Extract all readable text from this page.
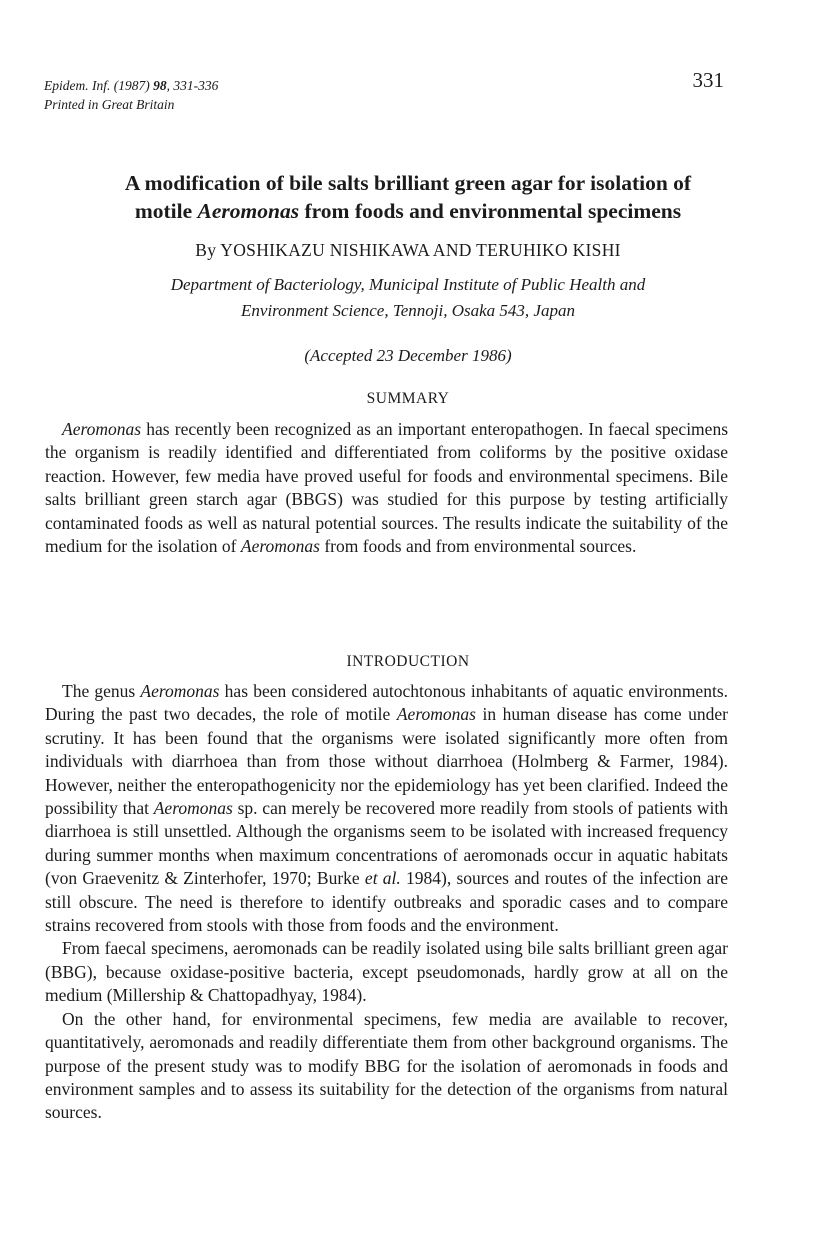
Epidem. Inf. (1987) 98, 331-336
Printed in Great Britain
331
A modification of bile salts brilliant green agar for isolation of
motile Aeromonas from foods and environmental specimens
By YOSHIKAZU NISHIKAWA AND TERUHIKO KISHI
Department of Bacteriology, Municipal Institute of Public Health and
Environment Science, Tennoji, Osaka 543, Japan
(Accepted 23 December 1986)
SUMMARY

Aeromonas has recently been recognized as an important enteropathogen. In faecal specimens the organism is readily identified and differentiated from coliforms by the positive oxidase reaction. However, few media have proved useful for foods and environmental specimens. Bile salts brilliant green starch agar (BBGS) was studied for this purpose by testing artificially contaminated foods as well as natural potential sources. The results indicate the suitability of the medium for the isolation of Aeromonas from foods and from environmental sources.

INTRODUCTION

The genus Aeromonas has been considered autochtonous inhabitants of aquatic environments. During the past two decades, the role of motile Aeromonas in human disease has come under scrutiny. It has been found that the organisms were isolated significantly more often from individuals with diarrhoea than from those without diarrhoea (Holmberg & Farmer, 1984). However, neither the enteropathogenicity nor the epidemiology has yet been clarified. Indeed the possibility that Aeromonas sp. can merely be recovered more readily from stools of patients with diarrhoea is still unsettled. Although the organisms seem to be isolated with increased frequency during summer months when maximum concentrations of aeromonads occur in aquatic habitats (von Graevenitz & Zinterhofer, 1970; Burke et al. 1984), sources and routes of the infection are still obscure. The need is therefore to identify outbreaks and sporadic cases and to compare strains recovered from stools with those from foods and the environment.

From faecal specimens, aeromonads can be readily isolated using bile salts brilliant green agar (BBG), because oxidase-positive bacteria, except pseudomonads, hardly grow at all on the medium (Millership & Chattopadhyay, 1984).

On the other hand, for environmental specimens, few media are available to recover, quantitatively, aeromonads and readily differentiate them from other background organisms. The purpose of the present study was to modify BBG for the isolation of aeromonads in foods and environment samples and to assess its suitability for the detection of the organisms from natural sources.
